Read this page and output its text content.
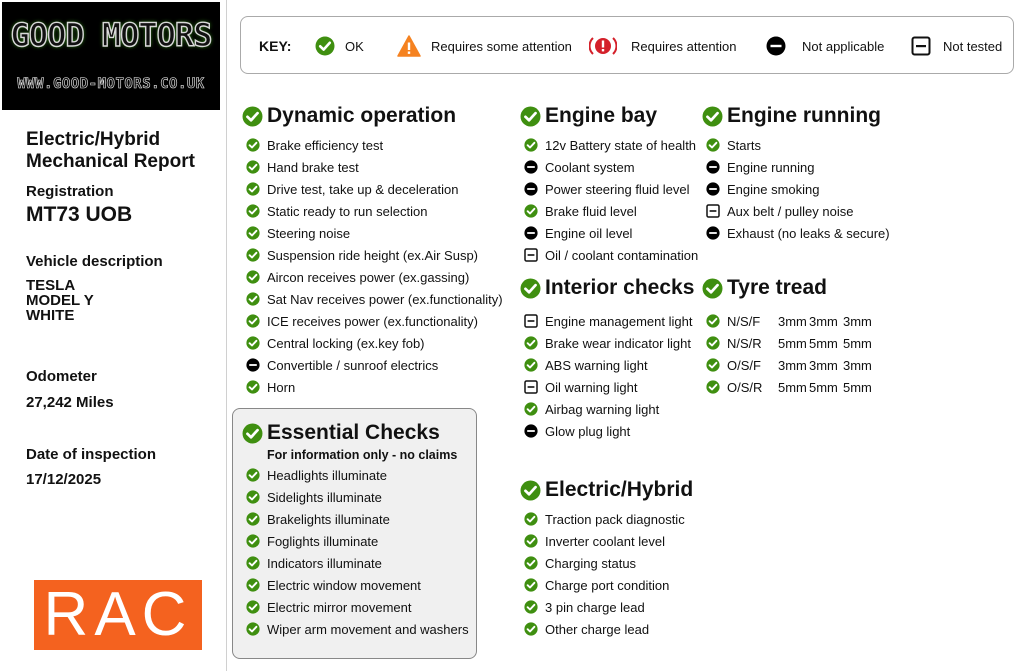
GOOD MOTORS
WWW.GOOD-MOTORS.CO.UK
Electric/Hybrid
Mechanical Report
Registration
MT73 UOB
Vehicle description
TESLA
MODEL Y
WHITE
Odometer
27,242 Miles
Date of inspection
17/12/2025
RAC
KEY:	OK	Requires some attention	Requires attention	Not applicable	Not tested
Dynamic operation	Engine bay	Engine running
Interior checks Tyre tread
Essential Checks
For information only - no claims
Electric/Hybrid
Brake efficiency test
Hand brake test
Drive test, take up & deceleration
Static ready to run selection
Steering noise
Suspension ride height (ex.Air Susp)
Aircon receives power (ex.gassing)
Sat Nav receives power (ex.functionality)
ICE receives power (ex.functionality)
Central locking (ex.key fob)
Convertible / sunroof electrics
Horn
12v Battery state of health
Coolant system
Power steering fluid level
Brake fluid level
Engine oil level
Oil / coolant contamination
Starts
Engine running
Engine smoking
Aux belt / pulley noise
Exhaust (no leaks & secure)
Engine management light
Brake wear indicator light
ABS warning light
Oil warning light
Airbag warning light
Glow plug light
N/S/F	3mm 3mm 3mm
N/S/R	5mm 5mm 5mm
O/S/F	3mm 3mm 3mm
O/S/R	5mm 5mm 5mm
Headlights illuminate
Sidelights illuminate
Brakelights illuminate
Foglights illuminate
Indicators illuminate
Electric window movement
Electric mirror movement
Wiper arm movement and washers
Traction pack diagnostic
Inverter coolant level
Charging status
Charge port condition
3 pin charge lead
Other charge lead
